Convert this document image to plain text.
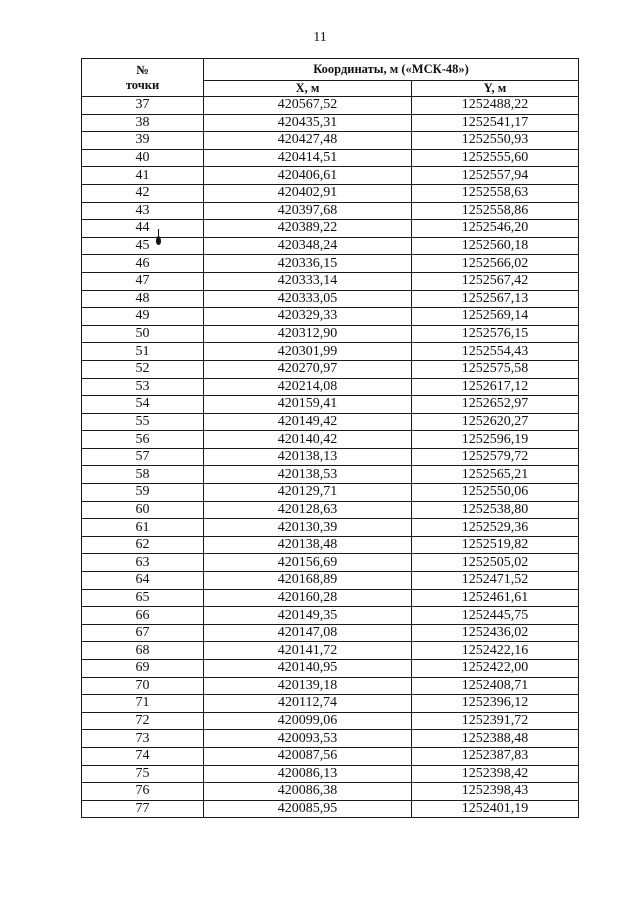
11
№
точки	Координаты, м («МСК-48»)	
	X, м	Y, м
37	420567,52	1252488,22
38	420435,31	1252541,17
39	420427,48	1252550,93
40	420414,51	1252555,60
41	420406,61	1252557,94
42	420402,91	1252558,63
43	420397,68	1252558,86
44	420389,22	1252546,20
45	420348,24	1252560,18
46	420336,15	1252566,02
47	420333,14	1252567,42
48	420333,05	1252567,13
49	420329,33	1252569,14
50	420312,90	1252576,15
51	420301,99	1252554,43
52	420270,97	1252575,58
53	420214,08	1252617,12
54	420159,41	1252652,97
55	420149,42	1252620,27
56	420140,42	1252596,19
57	420138,13	1252579,72
58	420138,53	1252565,21
59	420129,71	1252550,06
60	420128,63	1252538,80
61	420130,39	1252529,36
62	420138,48	1252519,82
63	420156,69	1252505,02
64	420168,89	1252471,52
65	420160,28	1252461,61
66	420149,35	1252445,75
67	420147,08	1252436,02
68	420141,72	1252422,16
69	420140,95	1252422,00
70	420139,18	1252408,71
71	420112,74	1252396,12
72	420099,06	1252391,72
73	420093,53	1252388,48
74	420087,56	1252387,83
75	420086,13	1252398,42
76	420086,38	1252398,43
77	420085,95	1252401,19
